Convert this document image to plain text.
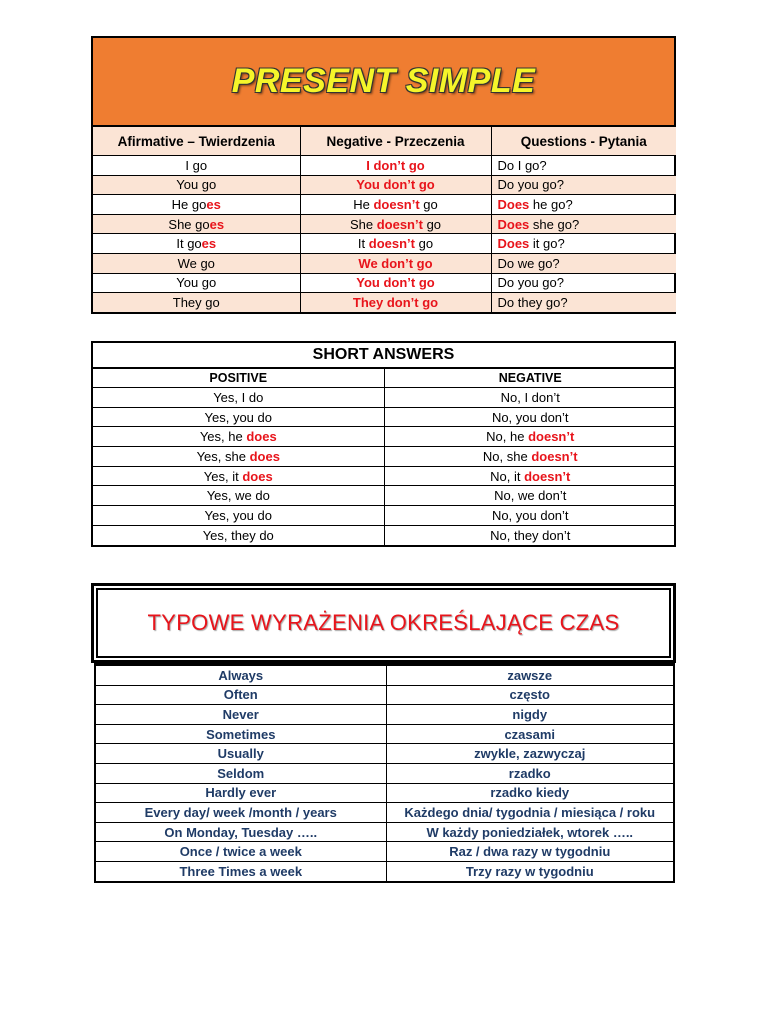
PRESENT SIMPLE
Afirmative – Twierdzenia	Negative - Przeczenia	Questions - Pytania
I go	I don’t go	Do I go?
You go	You don’t go	Do you go?
He goes	He doesn’t go	Does he go?
She goes	She doesn’t go	Does she go?
It goes	It doesn’t go	Does it go?
We go	We don’t go	Do we go?
You go	You don’t go	Do you go?
They go	They don’t go	Do they go?
SHORT ANSWERS
POSITIVE	NEGATIVE
Yes, I do	No, I don’t
Yes, you do	No, you don’t
Yes, he does	No, he doesn’t
Yes, she does	No, she doesn’t
Yes, it does	No, it doesn’t
Yes, we do	No, we don’t
Yes, you do	No, you don’t
Yes, they do	No, they don’t
TYPOWE WYRAŻENIA OKREŚLAJĄCE CZAS
Always	zawsze
Often	często
Never	nigdy
Sometimes	czasami
Usually	zwykle, zazwyczaj
Seldom	rzadko
Hardly ever	rzadko kiedy
Every day/ week /month / years	Każdego dnia/ tygodnia / miesiąca / roku
On Monday, Tuesday …..	W każdy poniedziałek, wtorek …..
Once / twice a week	Raz / dwa razy w tygodniu
Three Times a week	Trzy razy w tygodniu
